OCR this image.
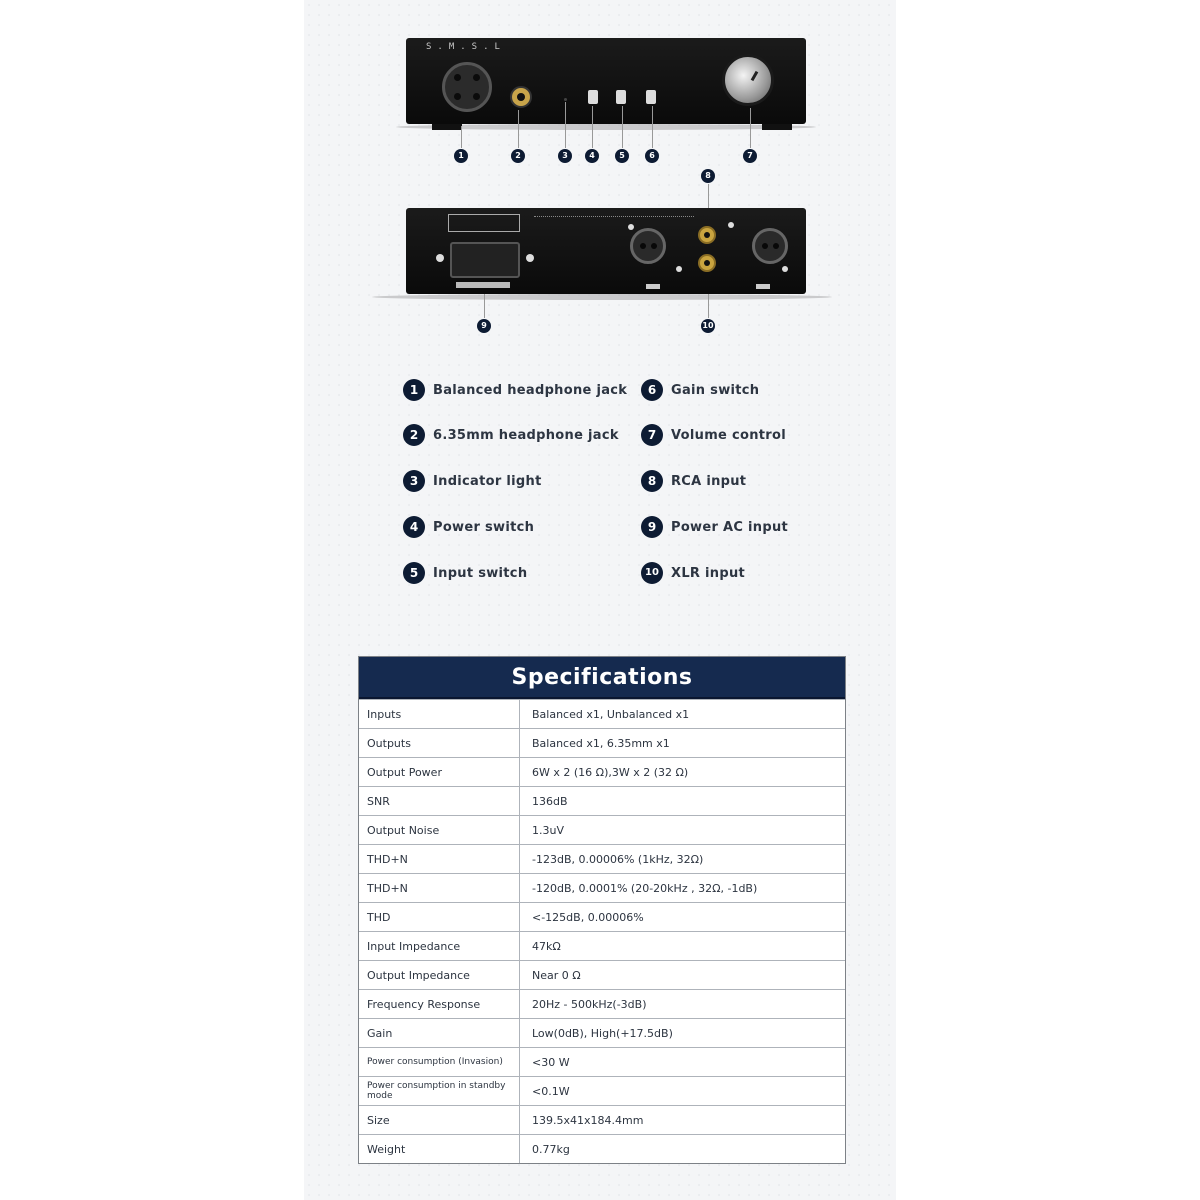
S.M.S.L
1	2	3	4	5	6	7
8
9	10
1	Balanced headphone jack
2	6.35mm headphone jack
3	Indicator light
4	Power switch
5	Input switch
6	Gain switch
7	Volume control
8	RCA input
9	Power AC input
10 XLR input
Specifications
Inputs	Balanced x1, Unbalanced x1
Outputs	Balanced x1, 6.35mm x1
Output Power	6W x 2 (16 Ω),3W x 2 (32 Ω)
SNR	136dB
Output Noise	1.3uV
THD+N	-123dB, 0.00006% (1kHz, 32Ω)
THD+N	-120dB, 0.0001% (20-20kHz , 32Ω, -1dB)
THD	<-125dB, 0.00006%
Input Impedance	47kΩ
Output Impedance	Near 0 Ω
Frequency Response	20Hz - 500kHz(-3dB)
Gain	Low(0dB), High(+17.5dB)
Power consumption (Invasion)	<30 W
Power consumption in standby mode	<0.1W
Size	139.5x41x184.4mm
Weight	0.77kg
